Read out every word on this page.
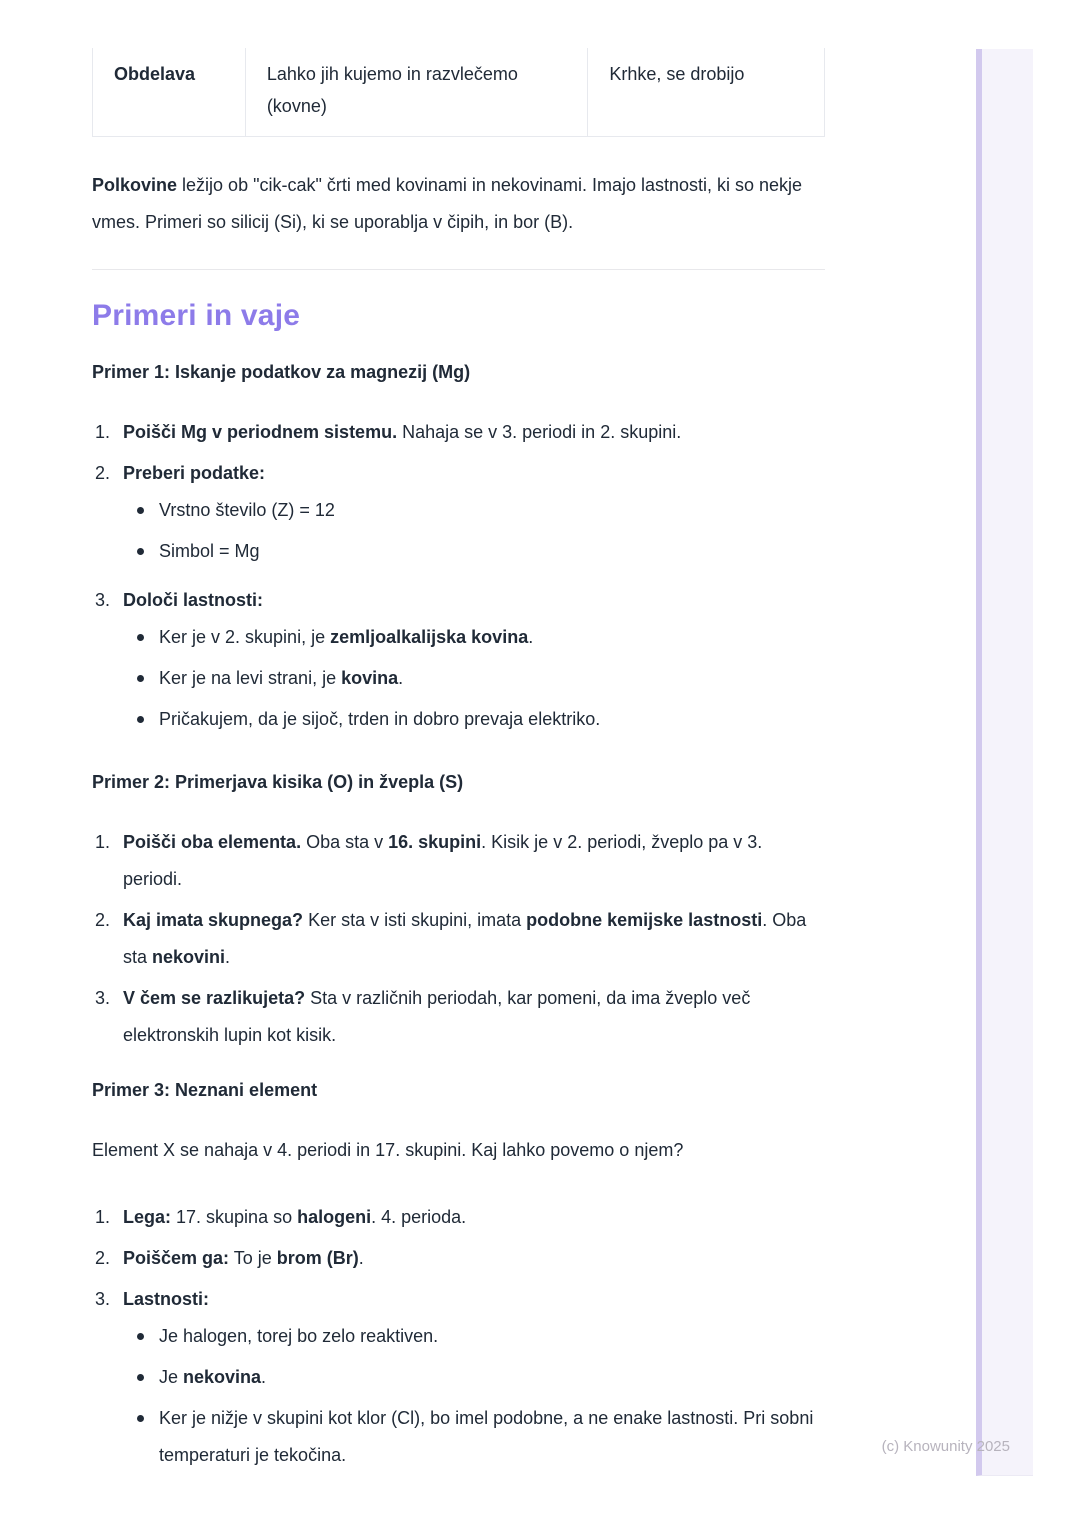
(c) Knowunity 2025
Obdelava	Lahko jih kujemo in razvlečemo (kovne)
Krhke, se drobijo
Polkovine ležijo ob "cik-cak" črti med kovinami in nekovinami. Imajo lastnosti, ki so nekje vmes. Primeri so silicij (Si), ki se uporablja v čipih, in bor (B).
Primeri in vaje
Primer 1: Iskanje podatkov za magnezij (Mg)
1. Poišči Mg v periodnem sistemu. Nahaja se v 3. periodi in 2. skupini.
2. Preberi podatke:
Vrstno število (Z) = 12
Simbol = Mg
3. Določi lastnosti:
Ker je v 2. skupini, je zemljoalkalijska kovina.
Ker je na levi strani, je kovina.
Pričakujem, da je sijoč, trden in dobro prevaja elektriko.
Primer 2: Primerjava kisika (O) in žvepla (S)
1. Poišči oba elementa. Oba sta v 16. skupini. Kisik je v 2. periodi, žveplo pa v 3. periodi.
2. Kaj imata skupnega? Ker sta v isti skupini, imata podobne kemijske lastnosti. Oba sta nekovini.
3. V čem se razlikujeta? Sta v različnih periodah, kar pomeni, da ima žveplo več elektronskih lupin kot kisik.
Primer 3: Neznani element
Element X se nahaja v 4. periodi in 17. skupini. Kaj lahko povemo o njem?
1. Lega: 17. skupina so halogeni. 4. perioda.
2. Poiščem ga: To je brom (Br).
3. Lastnosti:
Je halogen, torej bo zelo reaktiven.
Je nekovina.
Ker je nižje v skupini kot klor (Cl), bo imel podobne, a ne enake lastnosti. Pri sobni temperaturi je tekočina.
